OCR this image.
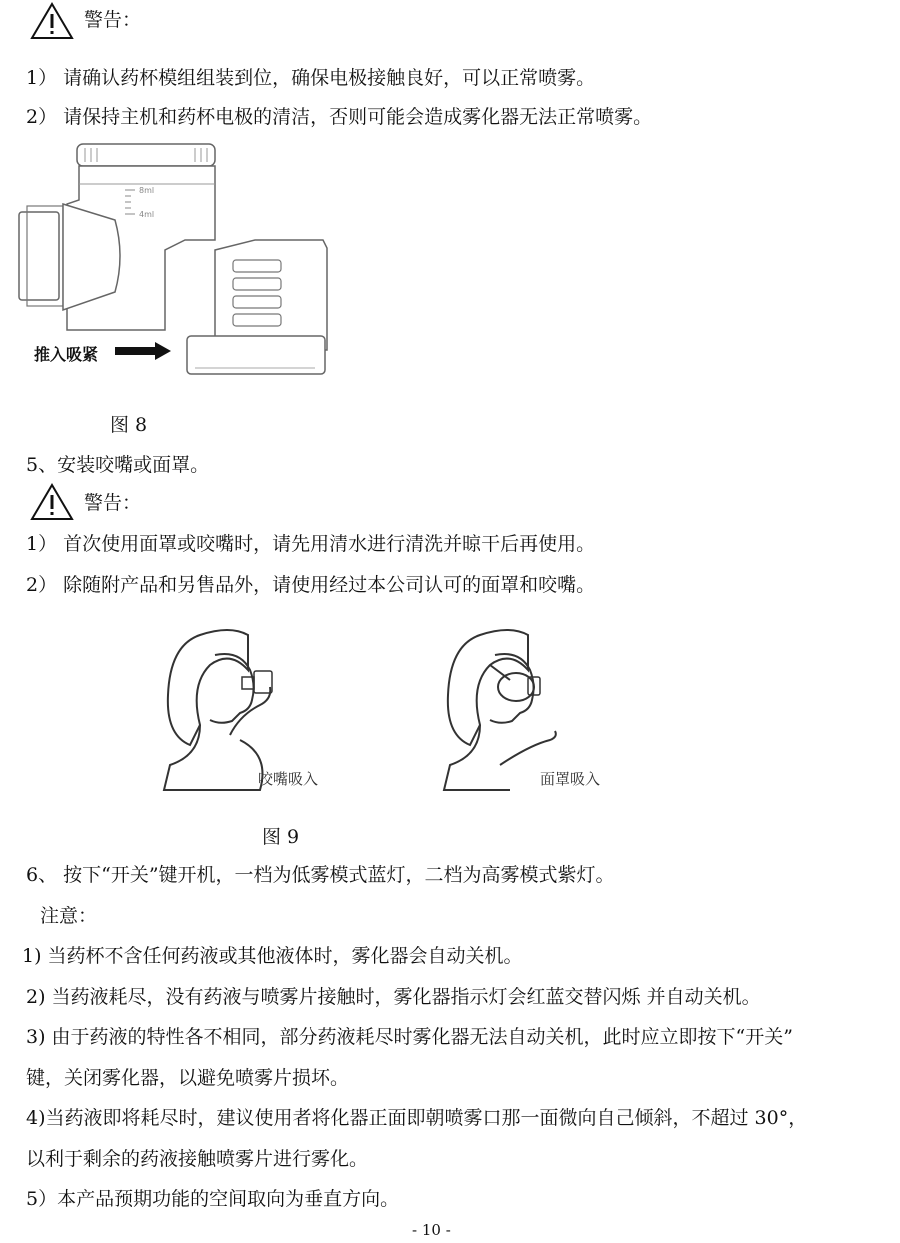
警告：
1） 请确认药杯模组组装到位，确保电极接触良好，可以正常喷雾。
2） 请保持主机和药杯电极的清洁，否则可能会造成雾化器无法正常喷雾。
8ml
4ml
推入吸紧
图 8
5、安装咬嘴或面罩。
警告：
1） 首次使用面罩或咬嘴时，请先用清水进行清洗并晾干后再使用。
2） 除随附产品和另售品外，请使用经过本公司认可的面罩和咬嘴。
咬嘴吸入	面罩吸入
图 9
6、 按下“开关”键开机，一档为低雾模式蓝灯，二档为高雾模式紫灯。
注意：
1) 当药杯不含任何药液或其他液体时，雾化器会自动关机。
2) 当药液耗尽，没有药液与喷雾片接触时，雾化器指示灯会红蓝交替闪烁 并自动关机。
3) 由于药液的特性各不相同，部分药液耗尽时雾化器无法自动关机，此时应立即按下“开关”
键，关闭雾化器，以避免喷雾片损坏。
4)当药液即将耗尽时，建议使用者将化器正面即朝喷雾口那一面微向自己倾斜，不超过 30°，
以利于剩余的药液接触喷雾片进行雾化。
5）本产品预期功能的空间取向为垂直方向。
- 10 -
